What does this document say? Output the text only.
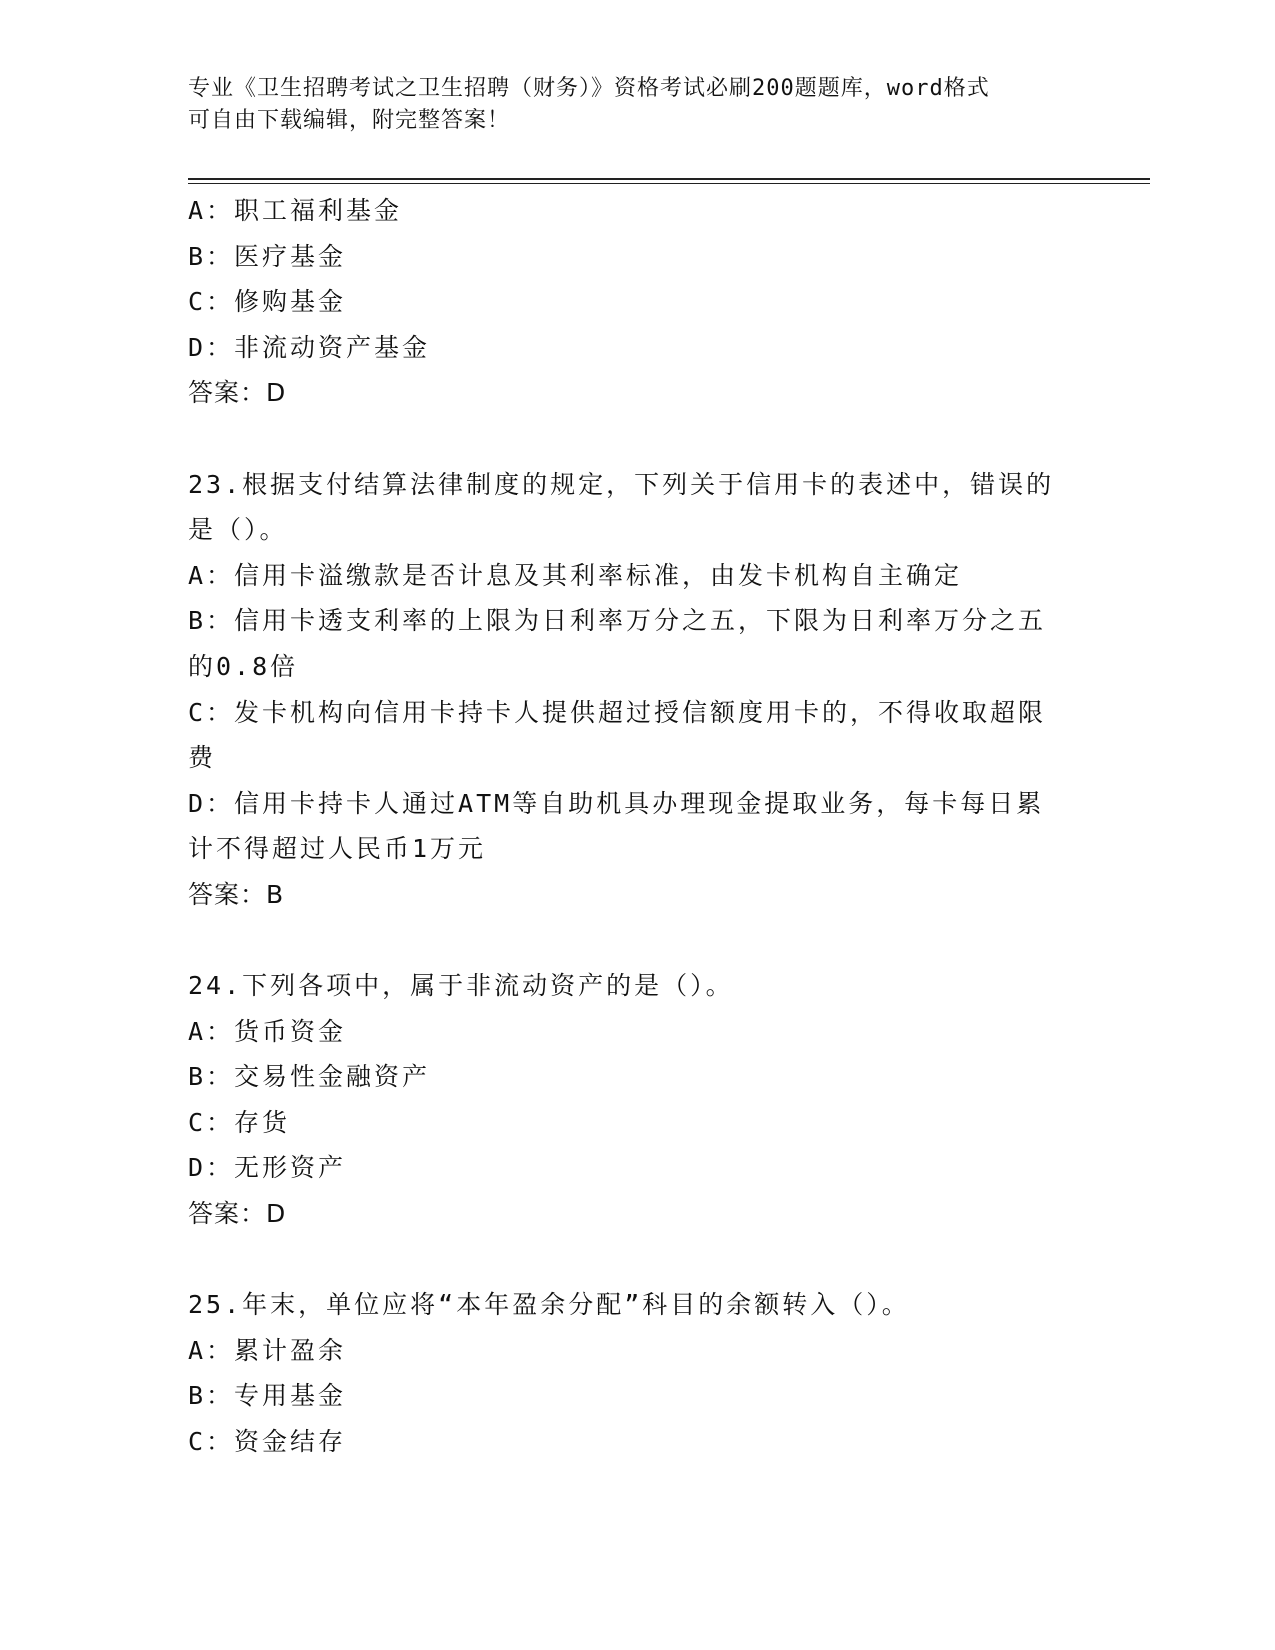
专业《卫生招聘考试之卫生招聘（财务）》资格考试必刷200题题库，word格式
可自由下载编辑，附完整答案！
A：职工福利基金
B：医疗基金
C：修购基金
D：非流动资产基金
答案：D
23.根据支付结算法律制度的规定，下列关于信用卡的表述中，错误的
是（）。
A：信用卡溢缴款是否计息及其利率标准，由发卡机构自主确定
B：信用卡透支利率的上限为日利率万分之五，下限为日利率万分之五
的0.8倍
C：发卡机构向信用卡持卡人提供超过授信额度用卡的，不得收取超限
费
D：信用卡持卡人通过ATM等自助机具办理现金提取业务，每卡每日累
计不得超过人民币1万元
答案：B
24.下列各项中，属于非流动资产的是（）。
A：货币资金
B：交易性金融资产
C：存货
D：无形资产
答案：D
25.年末，单位应将“本年盈余分配”科目的余额转入（）。
A：累计盈余
B：专用基金
C：资金结存
